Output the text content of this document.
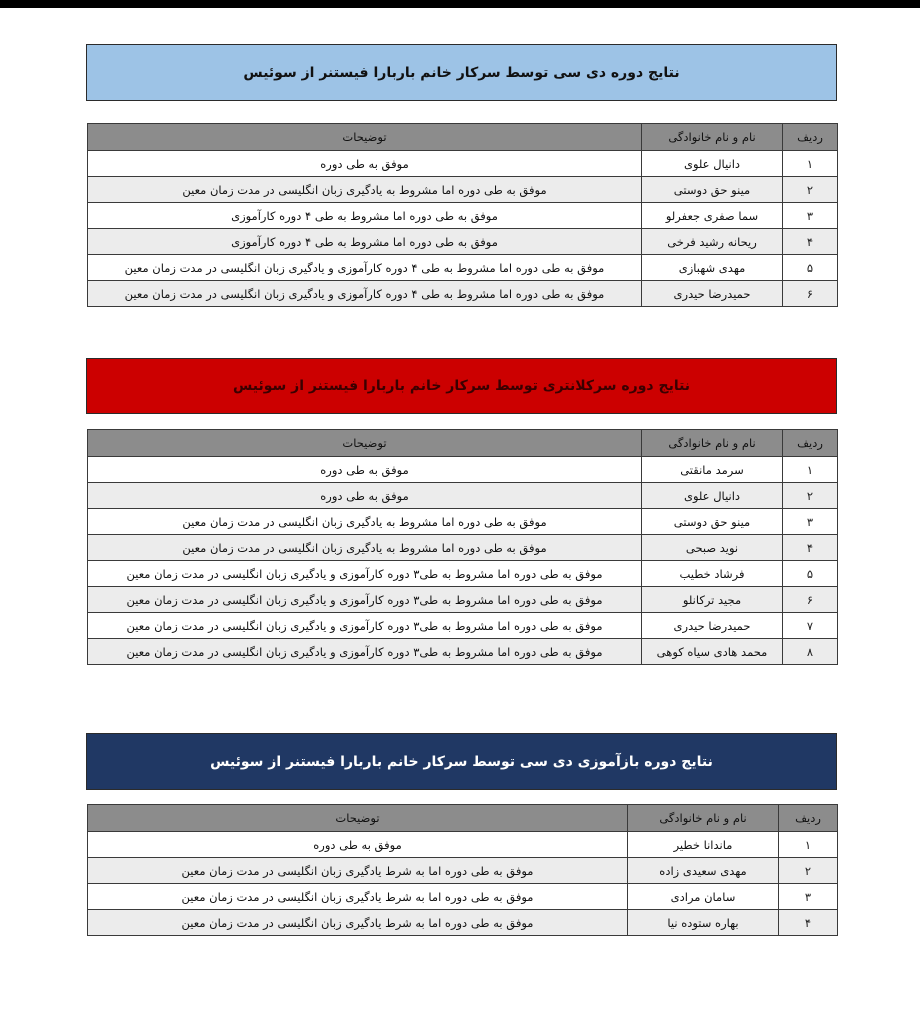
نتایج دوره دی سی توسط سرکار خانم باربارا فیستنر از سوئیس
ردیف	نام و نام خانوادگی	توضیحات
۱	دانیال علوی	موفق به طی دوره
۲	مینو حق دوستی	موفق به طی دوره اما مشروط به یادگیری زبان انگلیسی در مدت زمان معین
۳	سما صفری جعفرلو	موفق به طی دوره اما مشروط به طی ۴ دوره کارآموزی
۴	ریحانه رشید فرخی	موفق به طی دوره اما مشروط به طی ۴ دوره کارآموزی
۵	مهدی شهبازی	موفق به طی دوره اما مشروط به طی ۴ دوره کارآموزی و یادگیری زبان انگلیسی در مدت زمان معین
۶	حمیدرضا حیدری	موفق به طی دوره اما مشروط به طی ۴ دوره کارآموزی و یادگیری زبان انگلیسی در مدت زمان معین
نتایج دوره سرکلانتری توسط سرکار خانم باربارا فیستنر از سوئیس
ردیف	نام و نام خانوادگی	توضیحات
۱	سرمد مانقتی	موفق به طی دوره
۲	دانیال علوی	موفق به طی دوره
۳	مینو حق دوستی	موفق به طی دوره اما مشروط به یادگیری زبان انگلیسی در مدت زمان معین
۴	نوید صبحی	موفق به طی دوره اما مشروط به یادگیری زبان انگلیسی در مدت زمان معین
۵	فرشاد خطیب	موفق به طی دوره اما مشروط به طی۳ دوره کارآموزی و یادگیری زبان انگلیسی در مدت زمان معین
۶	مجید ترکانلو	موفق به طی دوره اما مشروط به طی۳ دوره کارآموزی و یادگیری زبان انگلیسی در مدت زمان معین
۷	حمیدرضا حیدری	موفق به طی دوره اما مشروط به طی۳ دوره کارآموزی و یادگیری زبان انگلیسی در مدت زمان معین
۸	محمد هادی سیاه کوهی	موفق به طی دوره اما مشروط به طی۳ دوره کارآموزی و یادگیری زبان انگلیسی در مدت زمان معین
نتایج دوره بازآموزی دی سی توسط سرکار خانم باربارا فیستنر از سوئیس
ردیف	نام و نام خانوادگی	توضیحات
۱	ماندانا خطیر	موفق به طی دوره
۲	مهدی سعیدی زاده	موفق به طی دوره اما به شرط یادگیری زبان انگلیسی در مدت زمان معین
۳	سامان مرادی	موفق به طی دوره اما به شرط یادگیری زبان انگلیسی در مدت زمان معین
۴	بهاره ستوده نیا	موفق به طی دوره اما به شرط یادگیری زبان انگلیسی در مدت زمان معین
